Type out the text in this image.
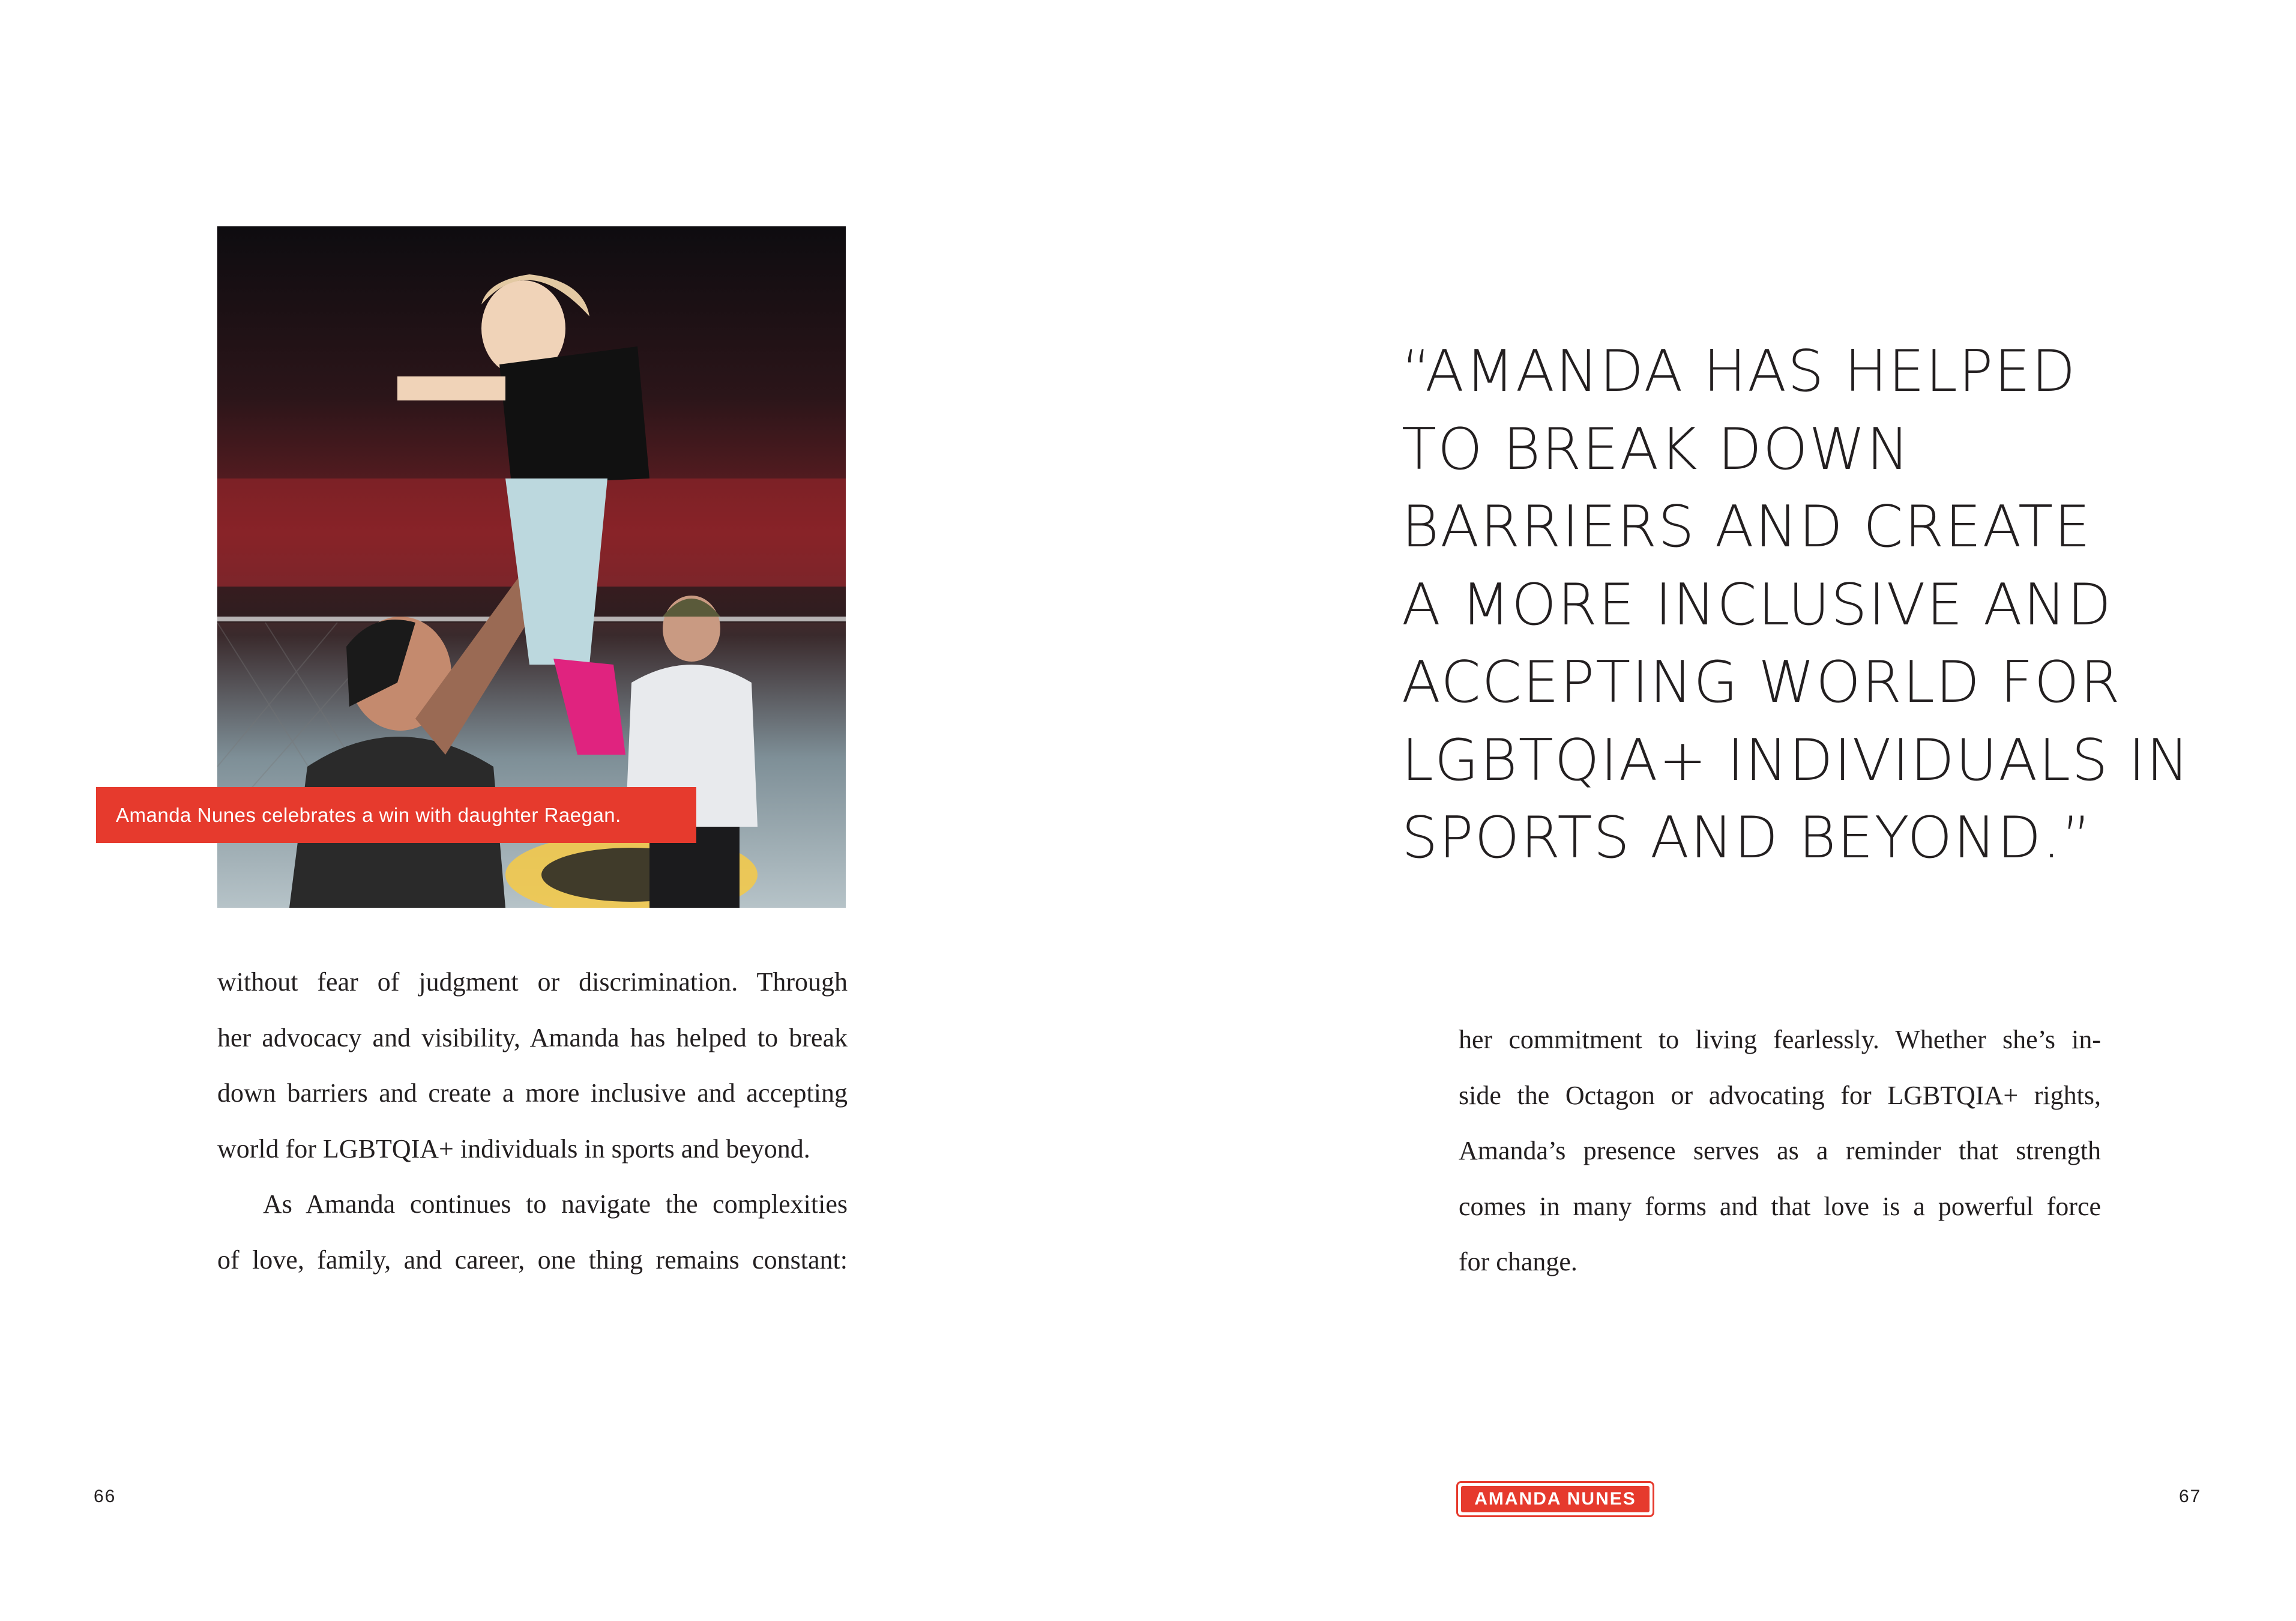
Amanda Nunes celebrates a win with daughter Raegan.

without fear of judgment or discrimination. Through
her advocacy and visibility, Amanda has helped to break
down barriers and create a more inclusive and accepting
world for LGBTQIA+ individuals in sports and beyond.

As Amanda continues to navigate the complexities
of love, family, and career, one thing remains constant:

“AMANDA HAS HELPED
TO BREAK DOWN
BARRIERS AND CREATE
A MORE INCLUSIVE AND
ACCEPTING WORLD FOR
LGBTQIA+ INDIVIDUALS IN
SPORTS AND BEYOND.”

her commitment to living fearlessly. Whether she’s in-
side the Octagon or advocating for LGBTQIA+ rights,
Amanda’s presence serves as a reminder that strength
comes in many forms and that love is a powerful force
for change.

66	AMANDA NUNES	67
